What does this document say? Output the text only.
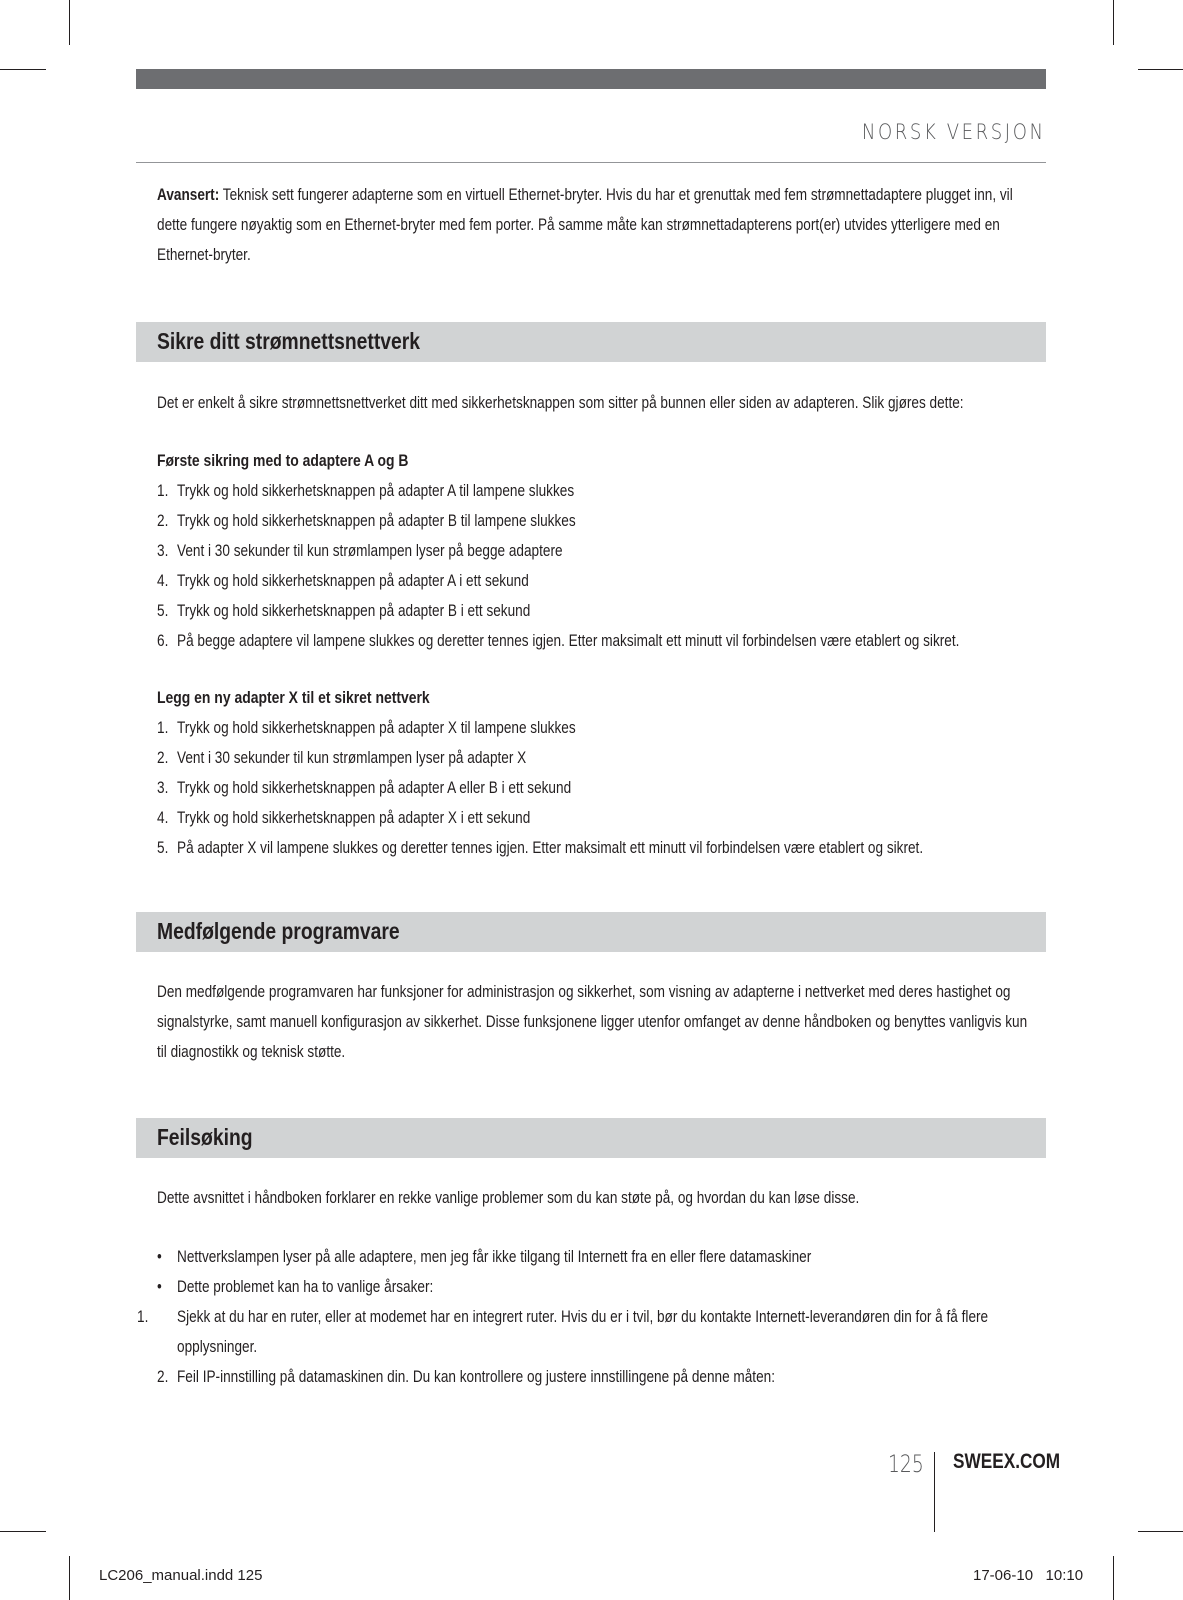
NORSK VERSJON
Avansert: Teknisk sett fungerer adapterne som en virtuell Ethernet-bryter. Hvis du har et grenuttak med fem strømnettadaptere plugget inn, vil dette fungere nøyaktig som en Ethernet-bryter med fem porter. På samme måte kan strømnettadapterens port(er) utvides ytterligere med en Ethernet-bryter.
Sikre ditt strømnettsnettverk
Det er enkelt å sikre strømnettsnettverket ditt med sikkerhetsknappen som sitter på bunnen eller siden av adapteren. Slik gjøres dette:
Første sikring med to adaptere A og B
1. Trykk og hold sikkerhetsknappen på adapter A til lampene slukkes
2. Trykk og hold sikkerhetsknappen på adapter B til lampene slukkes
3. Vent i 30 sekunder til kun strømlampen lyser på begge adaptere
4. Trykk og hold sikkerhetsknappen på adapter A i ett sekund
5. Trykk og hold sikkerhetsknappen på adapter B i ett sekund
6. På begge adaptere vil lampene slukkes og deretter tennes igjen. Etter maksimalt ett minutt vil forbindelsen være etablert og sikret.
Legg en ny adapter X til et sikret nettverk
1. Trykk og hold sikkerhetsknappen på adapter X til lampene slukkes
2. Vent i 30 sekunder til kun strømlampen lyser på adapter X
3. Trykk og hold sikkerhetsknappen på adapter A eller B i ett sekund
4. Trykk og hold sikkerhetsknappen på adapter X i ett sekund
5. På adapter X vil lampene slukkes og deretter tennes igjen. Etter maksimalt ett minutt vil forbindelsen være etablert og sikret.
Medfølgende programvare
Den medfølgende programvaren har funksjoner for administrasjon og sikkerhet, som visning av adapterne i nettverket med deres hastighet og signalstyrke, samt manuell konfigurasjon av sikkerhet. Disse funksjonene ligger utenfor omfanget av denne håndboken og benyttes vanligvis kun til diagnostikk og teknisk støtte.
Feilsøking
Dette avsnittet i håndboken forklarer en rekke vanlige problemer som du kan støte på, og hvordan du kan løse disse.
• Nettverkslampen lyser på alle adaptere, men jeg får ikke tilgang til Internett fra en eller flere datamaskiner
• Dette problemet kan ha to vanlige årsaker:
1. Sjekk at du har en ruter, eller at modemet har en integrert ruter. Hvis du er i tvil, bør du kontakte Internett-leverandøren din for å få flere opplysninger.
2. Feil IP-innstilling på datamaskinen din. Du kan kontrollere og justere innstillingene på denne måten:
125 SWEEX.COM
LC206_manual.indd 125	17-06-10   10:10
